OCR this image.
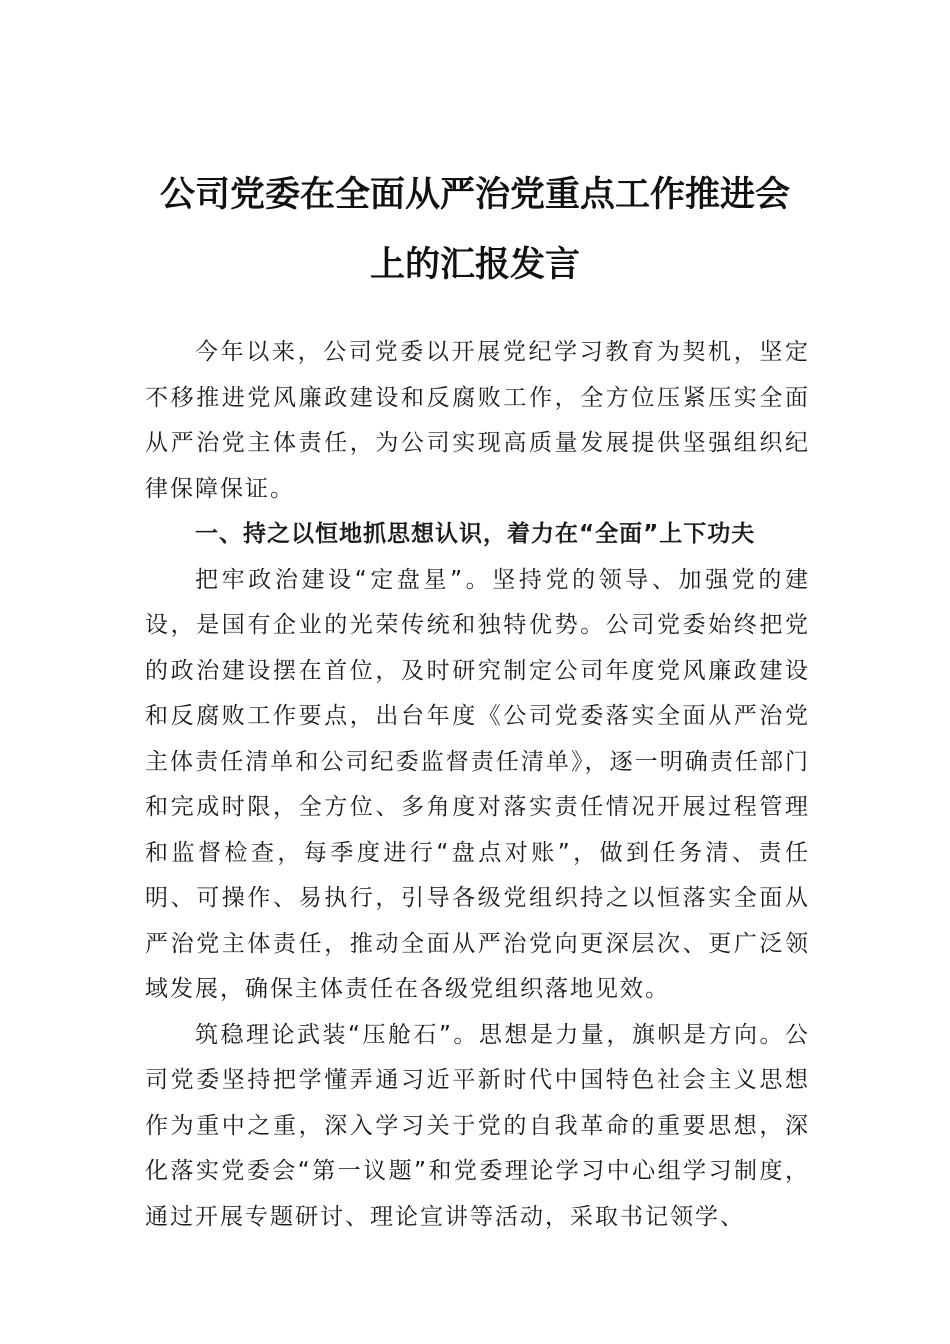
公司党委在全面从严治党重点工作推进会
上的汇报发言

今年以来，公司党委以开展党纪学习教育为契机，坚定不移推进党风廉政建设和反腐败工作，全方位压紧压实全面从严治党主体责任，为公司实现高质量发展提供坚强组织纪律保障保证。

一、持之以恒地抓思想认识，着力在“全面”上下功夫

把牢政治建设“定盘星”。坚持党的领导、加强党的建设，是国有企业的光荣传统和独特优势。公司党委始终把党的政治建设摆在首位，及时研究制定公司年度党风廉政建设和反腐败工作要点，出台年度《公司党委落实全面从严治党主体责任清单和公司纪委监督责任清单》，逐一明确责任部门和完成时限，全方位、多角度对落实责任情况开展过程管理和监督检查，每季度进行“盘点对账”，做到任务清、责任明、可操作、易执行，引导各级党组织持之以恒落实全面从严治党主体责任，推动全面从严治党向更深层次、更广泛领域发展，确保主体责任在各级党组织落地见效。

筑稳理论武装“压舱石”。思想是力量，旗帜是方向。公司党委坚持把学懂弄通习近平新时代中国特色社会主义思想作为重中之重，深入学习关于党的自我革命的重要思想，深化落实党委会“第一议题”和党委理论学习中心组学习制度，通过开展专题研讨、理论宣讲等活动，采取书记领学、
